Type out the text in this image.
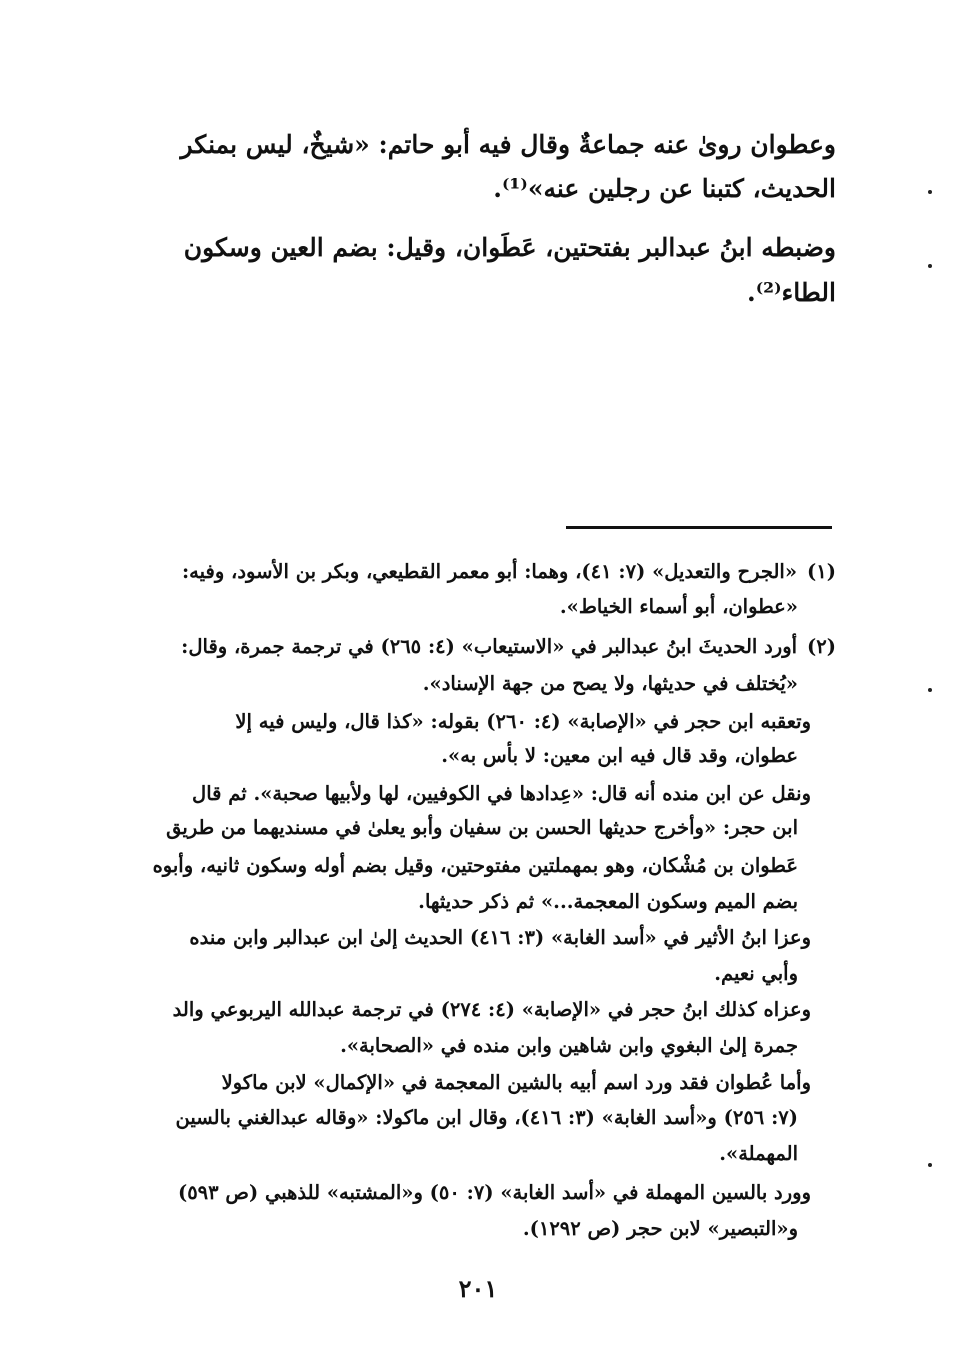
وعطوان روىٰ عنه جماعةٌ وقال فيه أبو حاتم: «شيخٌ، ليس بمنكر
الحديث، كتبنا عن رجلين عنه»⁽¹⁾.
وضبطه ابنُ عبدالبر بفتحتين، عَطَوان، وقيل: بضم العين وسكون
الطاء⁽²⁾.
(١)«الجرح والتعديل» (٧: ٤١)، وهما: أبو معمر القطيعي، وبكر بن الأسود، وفيه:
«عطوان، أبو أسماء الخياط».
(٢)أورد الحديثَ ابنُ عبدالبر في «الاستيعاب» (٤: ٢٦٥) في ترجمة جمرة، وقال:
«يُختلف في حديثها، ولا يصح من جهة الإسناد».
وتعقبه ابن حجر في «الإصابة» (٤: ٢٦٠) بقوله: «كذا قال، وليس فيه إلا
عطوان، وقد قال فيه ابن معين: لا بأس به».
ونقل عن ابن منده أنه قال: «عِدادها في الكوفيين، لها ولأبيها صحبة». ثم قال
ابن حجر: «وأخرج حديثها الحسن بن سفيان وأبو يعلىٰ في مسنديهما من طريق
عَطوان بن مُشْكان، وهو بمهملتين مفتوحتين، وقيل بضم أوله وسكون ثانيه، وأبوه
بضم الميم وسكون المعجمة...» ثم ذكر حديثها.
وعزا ابنُ الأثير في «أسد الغابة» (٣: ٤١٦) الحديث إلىٰ ابن عبدالبر وابن منده
وأبي نعيم.
وعزاه كذلك ابنُ حجر في «الإصابة» (٤: ٢٧٤) في ترجمة عبدالله اليربوعي والد
جمرة إلىٰ البغوي وابن شاهين وابن منده في «الصحابة».
وأما عُطوان فقد ورد اسم أبيه بالشين المعجمة في «الإكمال» لابن ماكولا
(٧: ٢٥٦) و«أسد الغابة» (٣: ٤١٦)، وقال ابن ماكولا: «وقاله عبدالغني بالسين
المهملة».
وورد بالسين المهملة في «أسد الغابة» (٧: ٥٠) و«المشتبه» للذهبي (ص ٥٩٣)
و«التبصير» لابن حجر (ص ١٢٩٢).
٢٠١
